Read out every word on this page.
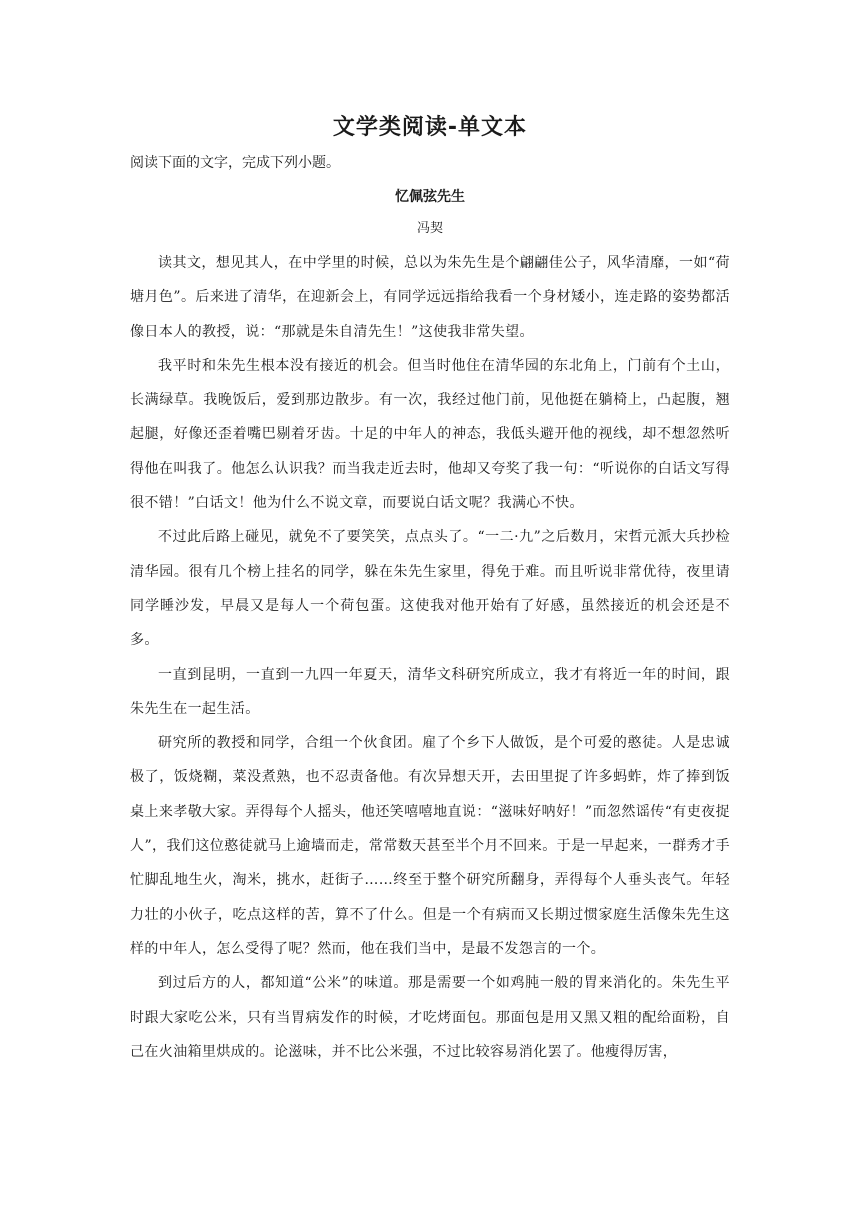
文学类阅读-单文本

阅读下面的文字，完成下列小题。

忆佩弦先生

冯契

读其文，想见其人，在中学里的时候，总以为朱先生是个翩翩佳公子，风华清靡，一如“荷塘月色”。后来进了清华，在迎新会上，有同学远远指给我看一个身材矮小，连走路的姿势都活像日本人的教授，说：“那就是朱自清先生！”这使我非常失望。

我平时和朱先生根本没有接近的机会。但当时他住在清华园的东北角上，门前有个土山，长满绿草。我晚饭后，爱到那边散步。有一次，我经过他门前，见他挺在躺椅上，凸起腹，翘起腿，好像还歪着嘴巴剔着牙齿。十足的中年人的神态，我低头避开他的视线，却不想忽然听得他在叫我了。他怎么认识我？而当我走近去时，他却又夸奖了我一句：“听说你的白话文写得很不错！”白话文！他为什么不说文章，而要说白话文呢？我满心不快。

不过此后路上碰见，就免不了要笑笑，点点头了。“一二·九”之后数月，宋哲元派大兵抄检清华园。很有几个榜上挂名的同学，躲在朱先生家里，得免于难。而且听说非常优待，夜里请同学睡沙发，早晨又是每人一个荷包蛋。这使我对他开始有了好感，虽然接近的机会还是不多。

一直到昆明，一直到一九四一年夏天，清华文科研究所成立，我才有将近一年的时间，跟朱先生在一起生活。

研究所的教授和同学，合组一个伙食团。雇了个乡下人做饭，是个可爱的憨徒。人是忠诚极了，饭烧糊，菜没煮熟，也不忍责备他。有次异想天开，去田里捉了许多蚂蚱，炸了捧到饭桌上来孝敬大家。弄得每个人摇头，他还笑嘻嘻地直说：“滋味好呐好！”而忽然谣传“有吏夜捉人”，我们这位憨徒就马上逾墙而走，常常数天甚至半个月不回来。于是一早起来，一群秀才手忙脚乱地生火，淘米，挑水，赶街子……终至于整个研究所翻身，弄得每个人垂头丧气。年轻力壮的小伙子，吃点这样的苦，算不了什么。但是一个有病而又长期过惯家庭生活像朱先生这样的中年人，怎么受得了呢？然而，他在我们当中，是最不发怨言的一个。

到过后方的人，都知道“公米”的味道。那是需要一个如鸡肫一般的胃来消化的。朱先生平时跟大家吃公米，只有当胃病发作的时候，才吃烤面包。那面包是用又黑又粗的配给面粉，自己在火油箱里烘成的。论滋味，并不比公米强，不过比较容易消化罢了。他瘦得厉害，
